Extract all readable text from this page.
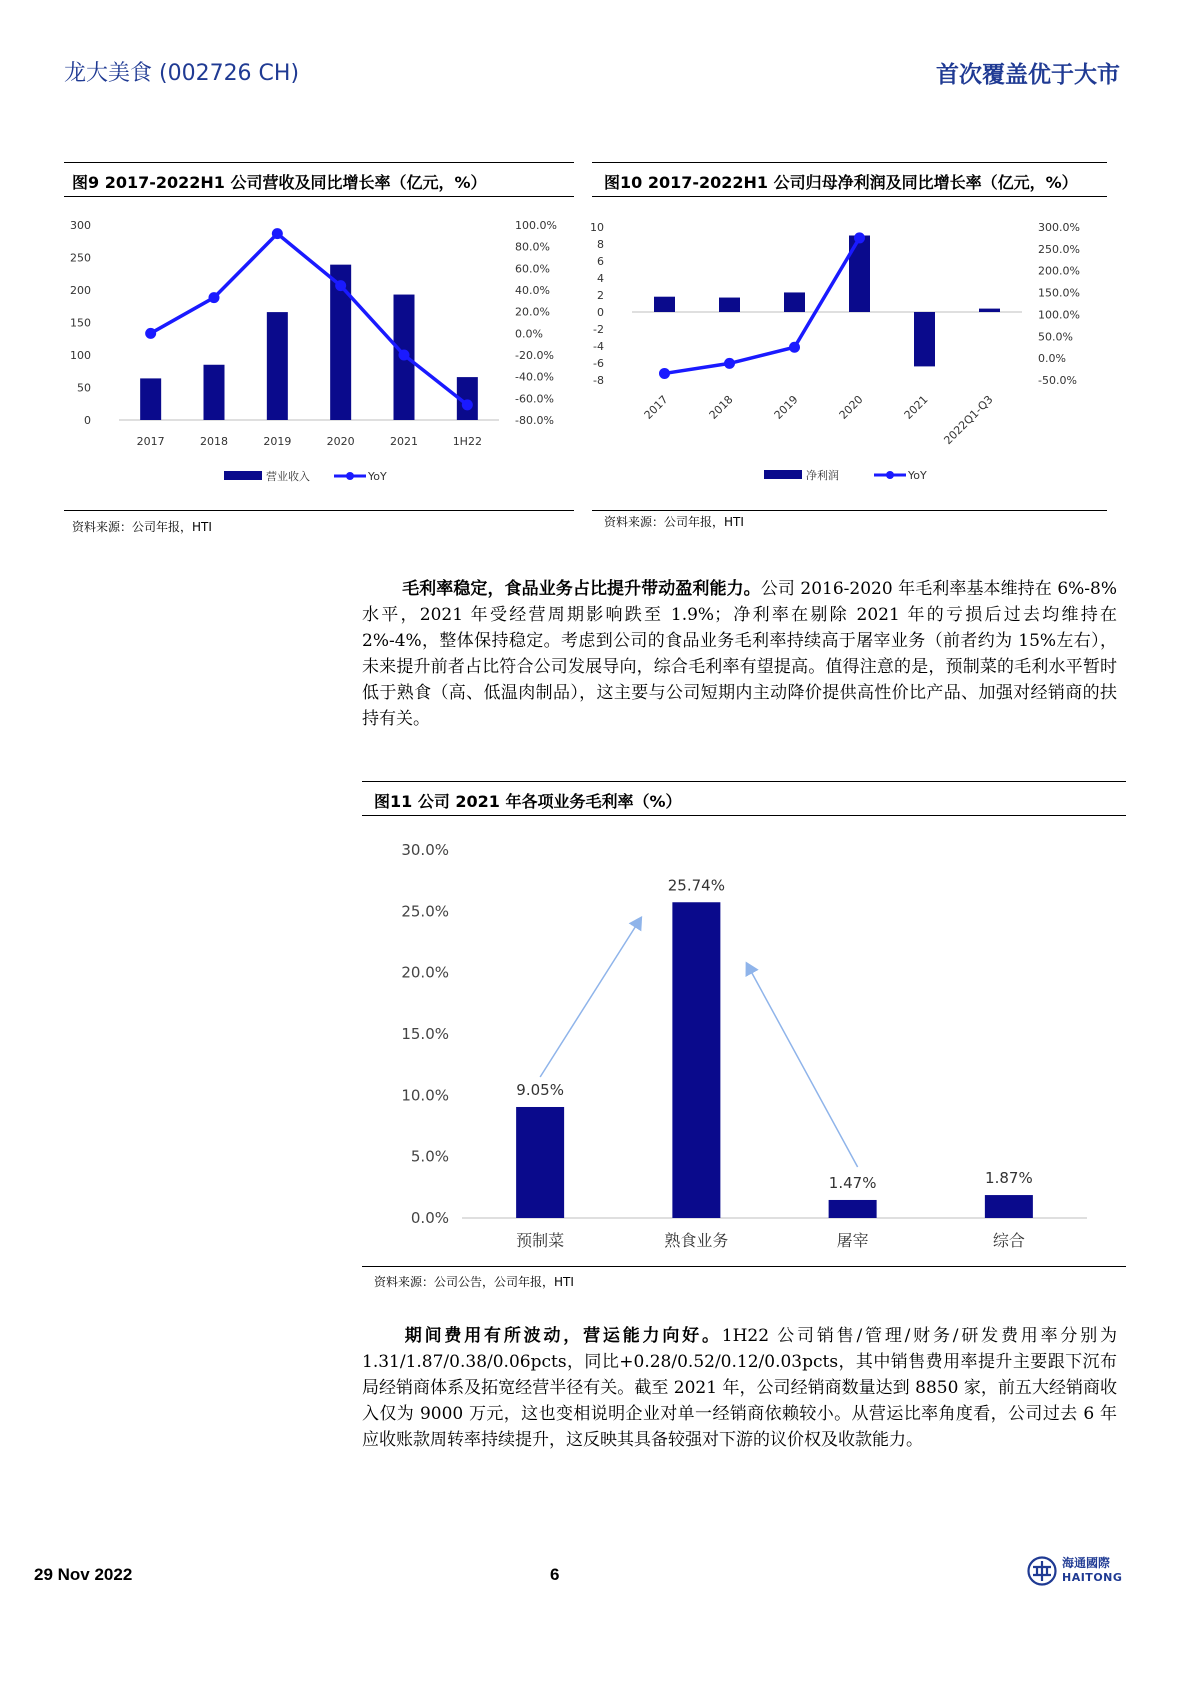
龙大美食 (002726 CH)	首次覆盖优于大市
图9 2017-2022H1 公司营收及同比增长率（亿元，%）
300
250
200
150
100
50
0
100.0%
80.0%
60.0%
40.0%
20.0%
0.0%
-20.0%
-40.0%
-60.0%
-80.0%
2017	2018	2019	2020	2021	1H22
营业收入	YoY
资料来源：公司年报，HTI
图10 2017-2022H1 公司归母净利润及同比增长率（亿元，%）
10
8
6
4
2
0
-2
-4
-6
-8
300.0%
250.0%
200.0%
150.0%
100.0%
50.0%
0.0%
-50.0%
2017	2018	2019	2020	2021 2022Q1-Q3
净利润	YoY
资料来源：公司年报，HTI
毛利率稳定，食品业务占比提升带动盈利能力。公司 2016-2020 年毛利率基本维持在 6%-8%水平，2021 年受经营周期影响跌至 1.9%；净利率在剔除 2021 年的亏损后过去均维持在 2%-4%，整体保持稳定。考虑到公司的食品业务毛利率持续高于屠宰业务（前者约为 15%左右），未来提升前者占比符合公司发展导向，综合毛利率有望提高。值得注意的是，预制菜的毛利水平暂时低于熟食（高、低温肉制品），这主要与公司短期内主动降价提供高性价比产品、加强对经销商的扶持有关。
图11 公司 2021 年各项业务毛利率（%）
30.0%
25.0%
20.0%
15.0%
10.0%
5.0%
0.0%
9.05%
预制菜
25.74%
熟食业务
1.47%
屠宰
1.87%
综合
资料来源：公司公告，公司年报，HTI
期间费用有所波动，营运能力向好。1H22 公司销售/管理/财务/研发费用率分别为 1.31/1.87/0.38/0.06pcts，同比+0.28/0.52/0.12/0.03pcts，其中销售费用率提升主要跟下沉布局经销商体系及拓宽经营半径有关。截至 2021 年，公司经销商数量达到 8850 家，前五大经销商收入仅为 9000 万元，这也变相说明企业对单一经销商依赖较小。从营运比率角度看，公司过去 6 年应收账款周转率持续提升，这反映其具备较强对下游的议价权及收款能力。
29 Nov 2022	6
海通國際
HAITONG
